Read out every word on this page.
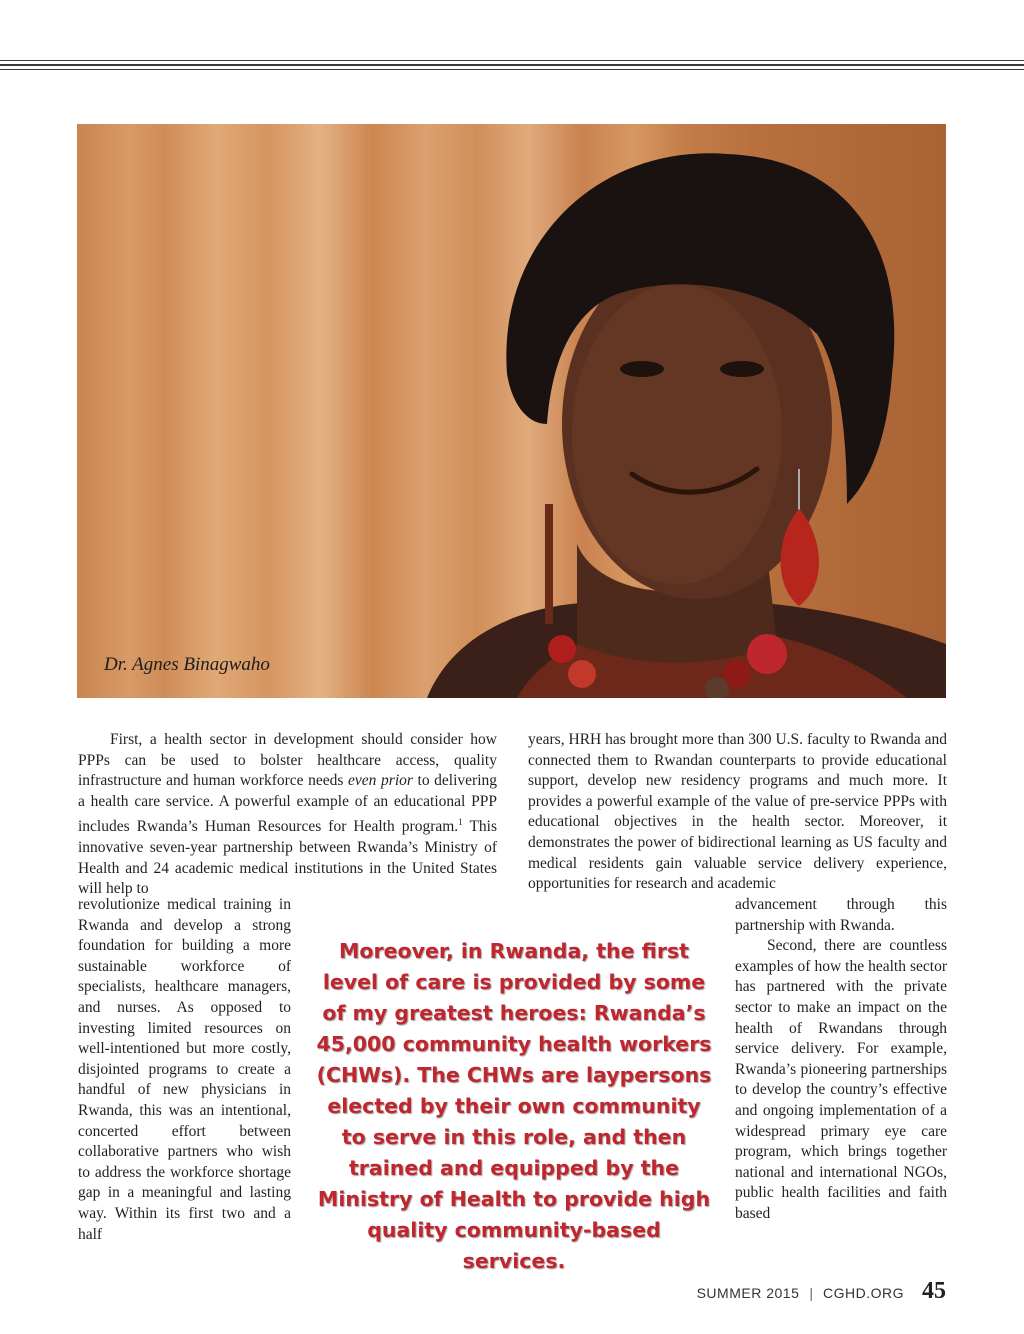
Dr. Agnes Binagwaho

First, a health sector in development should consider how PPPs can be used to bolster healthcare access, quality infrastructure and human workforce needs even prior to delivering a health care service. A powerful example of an educational PPP includes Rwanda’s Human Resources for Health program.$^1$ This innovative seven-year partnership between Rwanda’s Ministry of Health and 24 academic medical institutions in the United States will help to

revolutionize medical training in Rwanda and develop a strong foundation for building a more sustainable workforce of specialists, healthcare managers, and nurses. As opposed to investing limited resources on well-intentioned but more costly, disjointed programs to create a handful of new physicians in Rwanda, this was an intentional, concerted effort between collaborative partners who wish to address the workforce shortage gap in a meaningful and lasting way. Within its first two and a half

years, HRH has brought more than 300 U.S. faculty to Rwanda and connected them to Rwandan counterparts to provide educational support, develop new residency programs and much more. It provides a powerful example of the value of pre-service PPPs with educational objectives in the health sector. Moreover, it demonstrates the power of bidirectional learning as US faculty and medical residents gain valuable service delivery experience, opportunities for research and academic

advancement through this partnership with Rwanda.

Second, there are countless examples of how the health sector has partnered with the private sector to make an impact on the health of Rwandans through service delivery. For example, Rwanda’s pioneering partnerships to develop the country’s effective and ongoing implementation of a widespread primary eye care program, which brings together national and international NGOs, public health facilities and faith based

Moreover, in Rwanda, the first level of care is provided by some of my greatest heroes: Rwanda’s 45,000 community health workers (CHWs). The CHWs are laypersons elected by their own community to serve in this role, and then trained and equipped by the Ministry of Health to provide high quality community-based services.
SUMMER 2015 | CGHD.ORG 45
